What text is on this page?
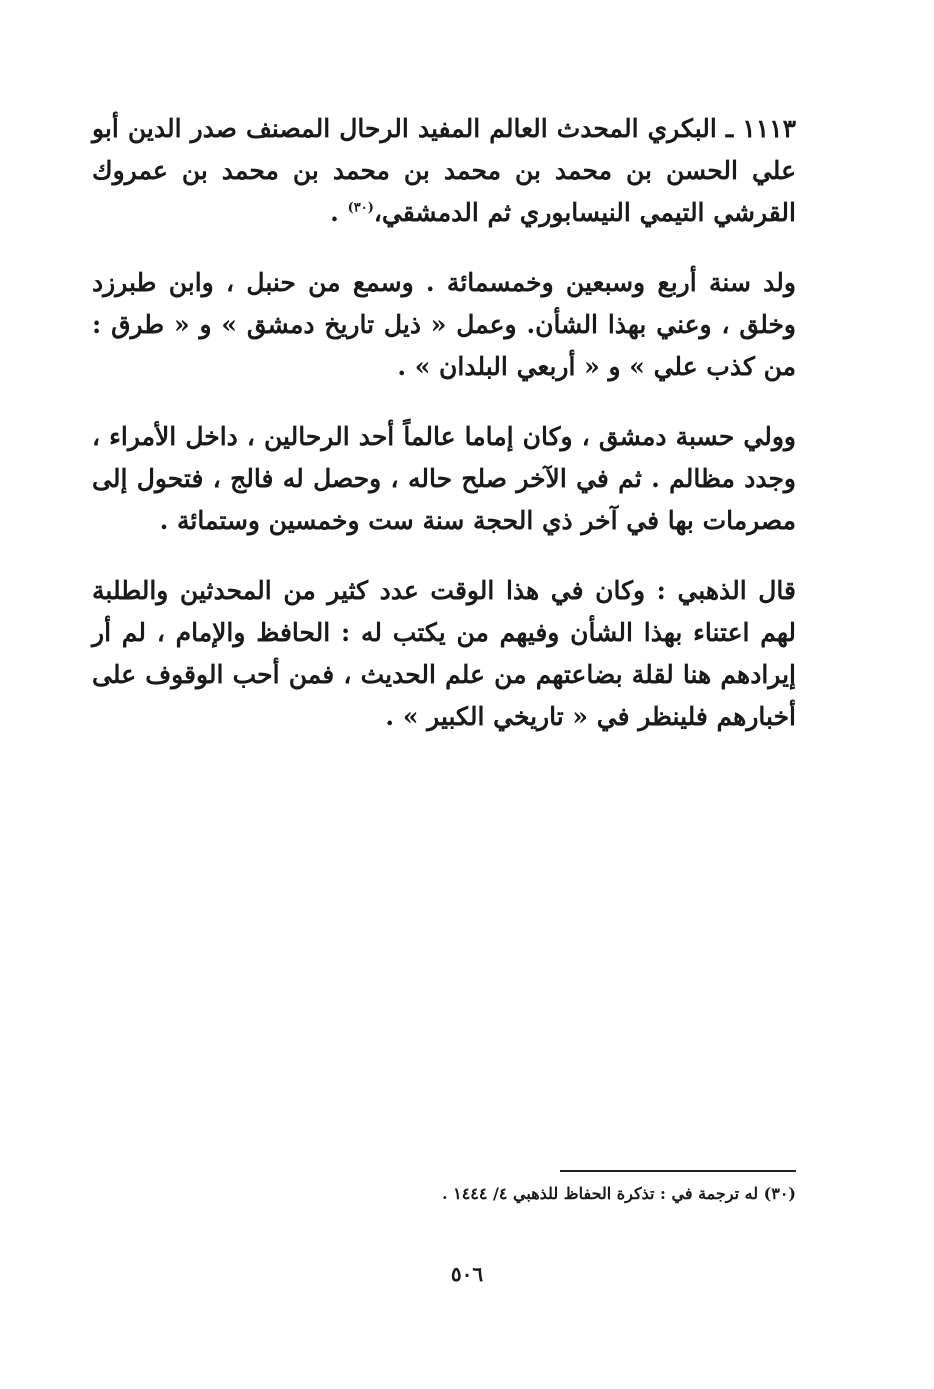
١١١٣ ـ البكري المحدث العالم المفيد الرحال المصنف صدر الدين أبو علي الحسن بن محمد بن محمد بن محمد بن محمد بن عمروك القرشي التيمي النيسابوري ثم الدمشقي،$^{(٣٠)}$ .

ولد سنة أربع وسبعين وخمسمائة . وسمع من حنبل ، وابن طبرزد وخلق ، وعني بهذا الشأن. وعمل « ذيل تاريخ دمشق » و « طرق : من كذب علي » و « أربعي البلدان » .

وولي حسبة دمشق ، وكان إماما عالماً أحد الرحالين ، داخل الأمراء ، وجدد مظالم . ثم في الآخر صلح حاله ، وحصل له فالج ، فتحول إلى مصرمات بها في آخر ذي الحجة سنة ست وخمسين وستمائة .

قال الذهبي : وكان في هذا الوقت عدد كثير من المحدثين والطلبة لهم اعتناء بهذا الشأن وفيهم من يكتب له : الحافظ والإمام ، لم أر إيرادهم هنا لقلة بضاعتهم من علم الحديث ، فمن أحب الوقوف على أخبارهم فلينظر في « تاريخي الكبير » .

(٣٠) له ترجمة في : تذكرة الحفاظ للذهبي ٤/ ١٤٤٤ .
٥٠٦
